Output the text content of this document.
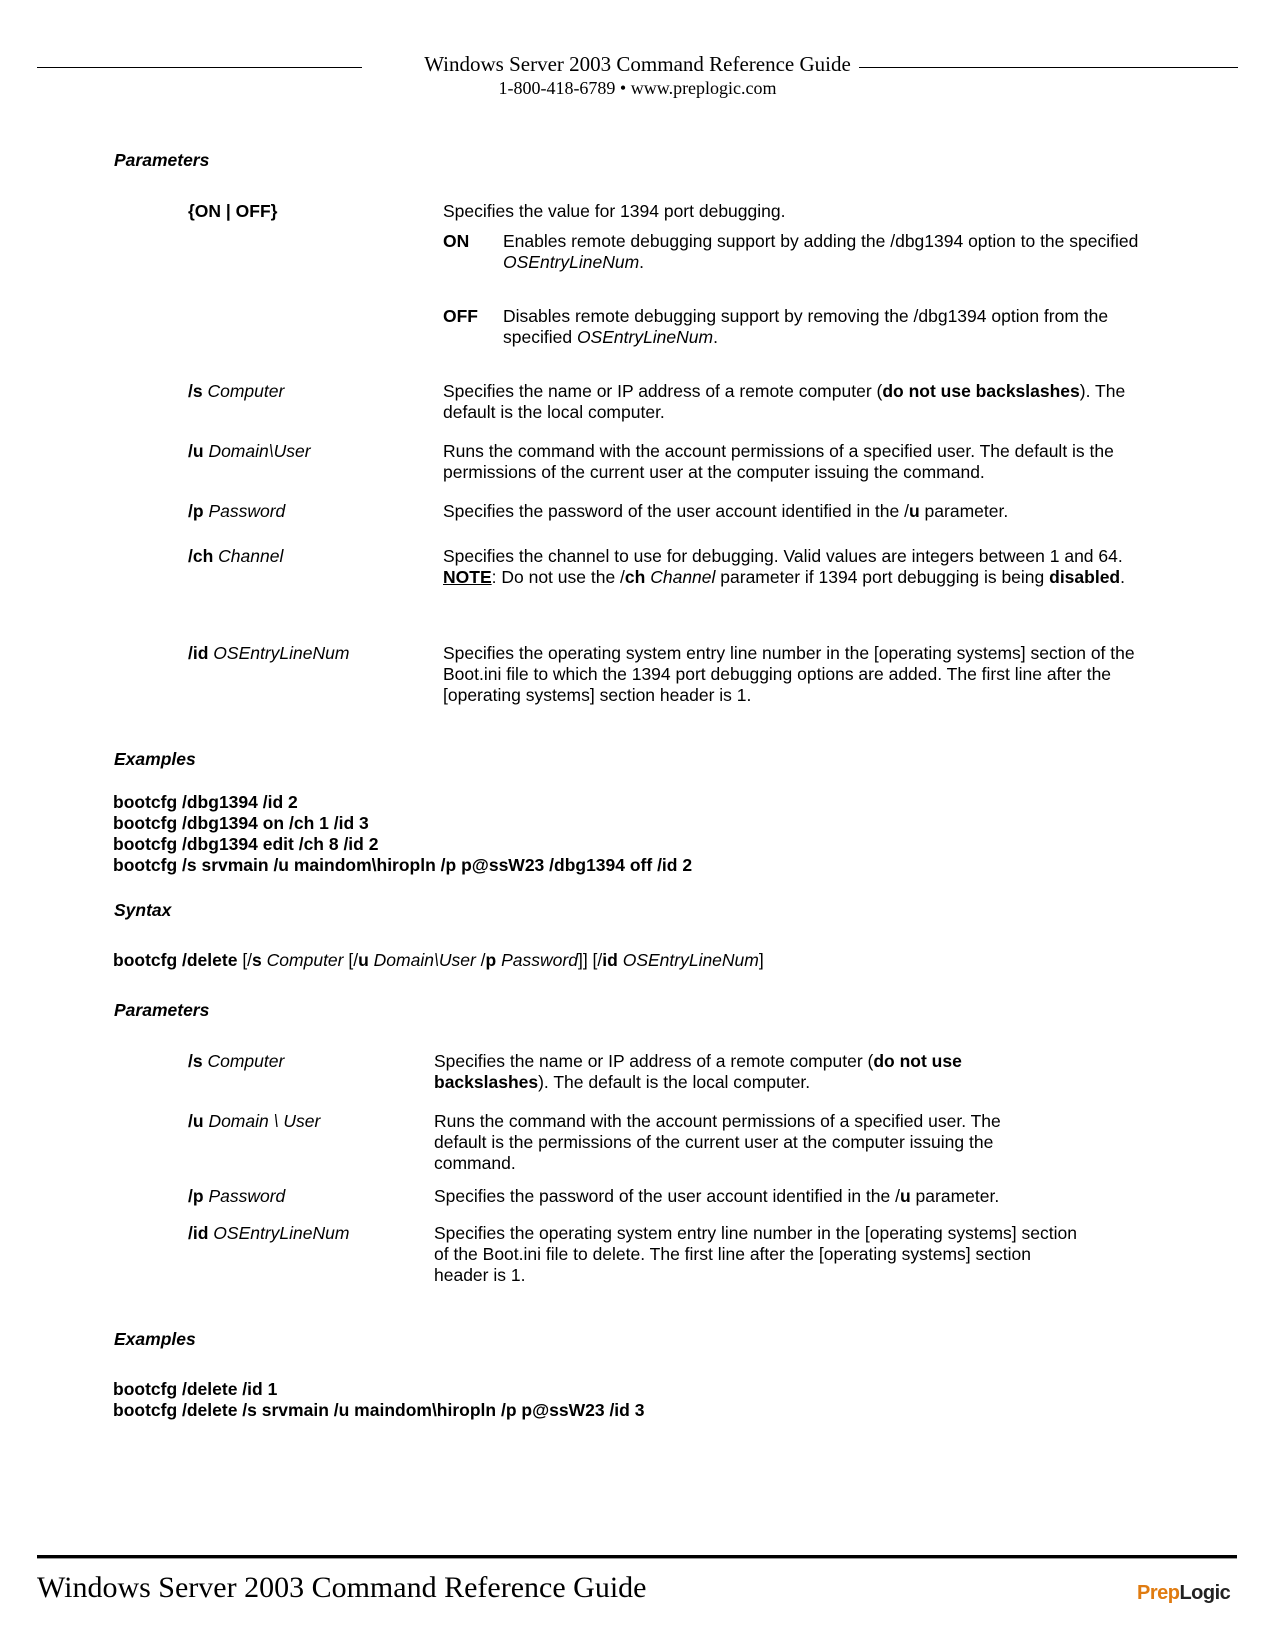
Windows Server 2003 Command Reference Guide
1-800-418-6789 • www.preplogic.com
Parameters
{ON | OFF}	Specifies the value for 1394 port debugging.
ON Enables remote debugging support by adding the /dbg1394 option to the specified OSEntryLineNum.
OFF Disables remote debugging support by removing the /dbg1394 option from the specified OSEntryLineNum.
/s Computer	Specifies the name or IP address of a remote computer (do not use backslashes). The default is the local computer.
/u Domain\User	Runs the command with the account permissions of a specified user. The default is the permissions of the current user at the computer issuing the command.
/p Password	Specifies the password of the user account identified in the /u parameter.
/ch Channel	Specifies the channel to use for debugging. Valid values are integers between 1 and 64.
NOTE: Do not use the /ch Channel parameter if 1394 port debugging is being disabled.
/id OSEntryLineNum	Specifies the operating system entry line number in the [operating systems] section of the Boot.ini file to which the 1394 port debugging options are added. The first line after the [operating systems] section header is 1.
Examples
bootcfg /dbg1394 /id 2
bootcfg /dbg1394 on /ch 1 /id 3
bootcfg /dbg1394 edit /ch 8 /id 2
bootcfg /s srvmain /u maindom\hiropln /p p@ssW23 /dbg1394 off /id 2
Syntax
bootcfg /delete [/s Computer [/u Domain\User /p Password]] [/id OSEntryLineNum]
Parameters
/s Computer	Specifies the name or IP address of a remote computer (do not use backslashes). The default is the local computer.
/u Domain \ User	Runs the command with the account permissions of a specified user. The default is the permissions of the current user at the computer issuing the command.
/p Password	Specifies the password of the user account identified in the /u parameter.
/id OSEntryLineNum	Specifies the operating system entry line number in the [operating systems] section of the Boot.ini file to delete. The first line after the [operating systems] section header is 1.
Examples
bootcfg /delete /id 1
bootcfg /delete /s srvmain /u maindom\hiropln /p p@ssW23 /id 3
Windows Server 2003 Command Reference Guide	PrepLogic
